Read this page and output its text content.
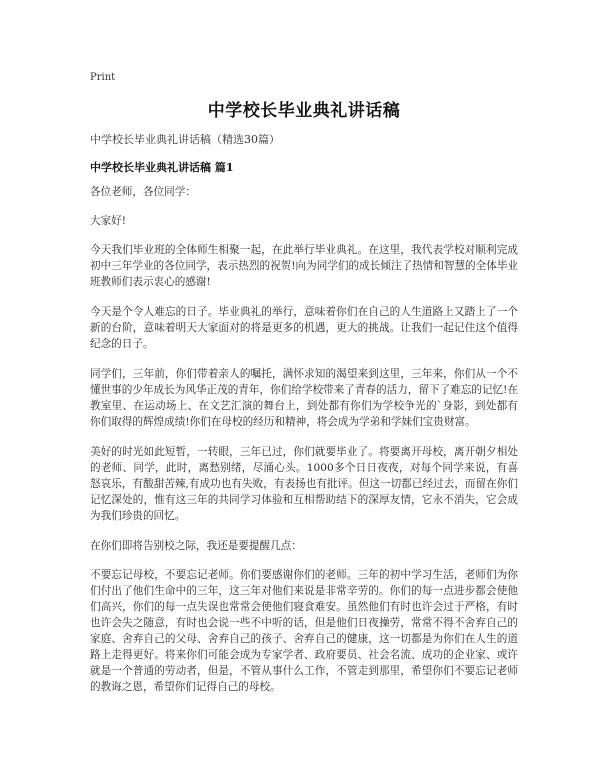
Print
中学校长毕业典礼讲话稿
中学校长毕业典礼讲话稿（精选30篇）
中学校长毕业典礼讲话稿 篇1

各位老师，各位同学：

大家好!

今天我们毕业班的全体师生相聚一起，在此举行毕业典礼。在这里，我代表学校对顺利完成初中三年学业的各位同学，表示热烈的祝贺!向为同学们的成长倾注了热情和智慧的全体毕业班教师们表示衷心的感谢!

今天是个令人难忘的日子。毕业典礼的举行，意味着你们在自己的人生道路上又踏上了一个新的台阶，意味着明天大家面对的将是更多的机遇，更大的挑战。让我们一起记住这个值得纪念的日子。

同学们，三年前，你们带着亲人的嘱托，满怀求知的渴望来到这里，三年来，你们从一个不懂世事的少年成长为风华正茂的青年，你们给学校带来了青春的活力，留下了难忘的记忆!在教室里、在运动场上、在文艺汇演的舞台上，到处都有你们为学校争光的`身影，到处都有你们取得的辉煌成绩!你们在母校的经历和精神，将会成为学弟和学妹们宝贵财富。

美好的时光如此短暂，一转眼，三年已过，你们就要毕业了。将要离开母校，离开朝夕相处的老师、同学，此时，离愁别绪，尽涌心头。1000多个日日夜夜，对每个同学来说，有喜怒哀乐，有酸甜苦辣,有成功也有失败，有表扬也有批评。但这一切都已经过去，而留在你们记忆深处的，惟有这三年的共同学习体验和互相帮助结下的深厚友情，它永不消失，它会成为我们珍贵的回忆。

在你们即将告别校之际，我还是要提醒几点：

不要忘记母校，不要忘记老师。你们要感谢你们的老师。三年的初中学习生活，老师们为你们付出了他们生命中的三年，这三年对他们来说是非常辛劳的。你们的每一点进步都会使他们高兴，你们的每一点失误也常常会使他们寝食难安。虽然他们有时也许会过于严格，有时也许会失之随意，有时也会说一些不中听的话，但是他们日夜操劳，常常不得不舍弃自己的家庭、舍弃自己的父母、舍弃自己的孩子、舍弃自己的健康，这一切都是为你们在人生的道路上走得更好。将来你们可能会成为专家学者、政府要员、社会名流、成功的企业家、或许就是一个普通的劳动者，但是，不管从事什么工作，不管走到那里，希望你们不要忘记老师的教诲之恩，希望你们记得自己的母校。
